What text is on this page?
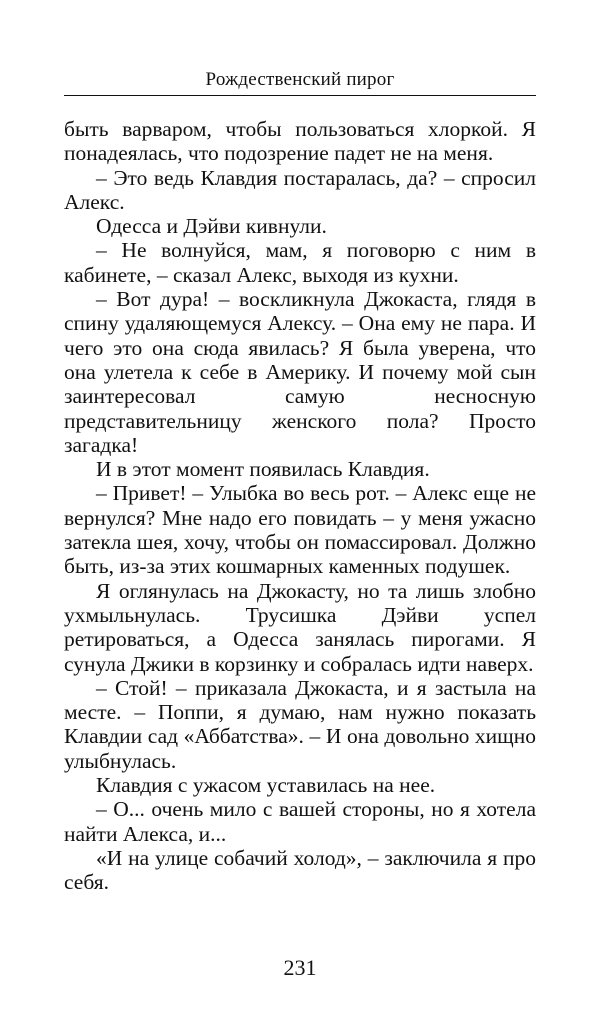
Рождественский пирог

быть варваром, чтобы пользоваться хлоркой. Я понадеялась, что подозрение падет не на меня.

– Это ведь Клавдия постаралась, да? – спросил Алекс.

Одесса и Дэйви кивнули.

– Не волнуйся, мам, я поговорю с ним в кабинете, – сказал Алекс, выходя из кухни.

– Вот дура! – воскликнула Джокаста, глядя в спину удаляющемуся Алексу. – Она ему не пара. И чего это она сюда явилась? Я была уверена, что она улетела к себе в Америку. И почему мой сын заинтересовал самую несносную представительницу женского пола? Просто загадка!

И в этот момент появилась Клавдия.

– Привет! – Улыбка во весь рот. – Алекс еще не вернулся? Мне надо его повидать – у меня ужасно затекла шея, хочу, чтобы он помассировал. Должно быть, из-за этих кошмарных каменных подушек.

Я оглянулась на Джокасту, но та лишь злобно ухмыльнулась. Трусишка Дэйви успел ретироваться, а Одесса занялась пирогами. Я сунула Джики в корзинку и собралась идти наверх.

– Стой! – приказала Джокаста, и я застыла на месте. – Поппи, я думаю, нам нужно показать Клавдии сад «Аббатства». – И она довольно хищно улыбнулась.

Клавдия с ужасом уставилась на нее.

– О... очень мило с вашей стороны, но я хотела найти Алекса, и...

«И на улице собачий холод», – заключила я про себя.

231
